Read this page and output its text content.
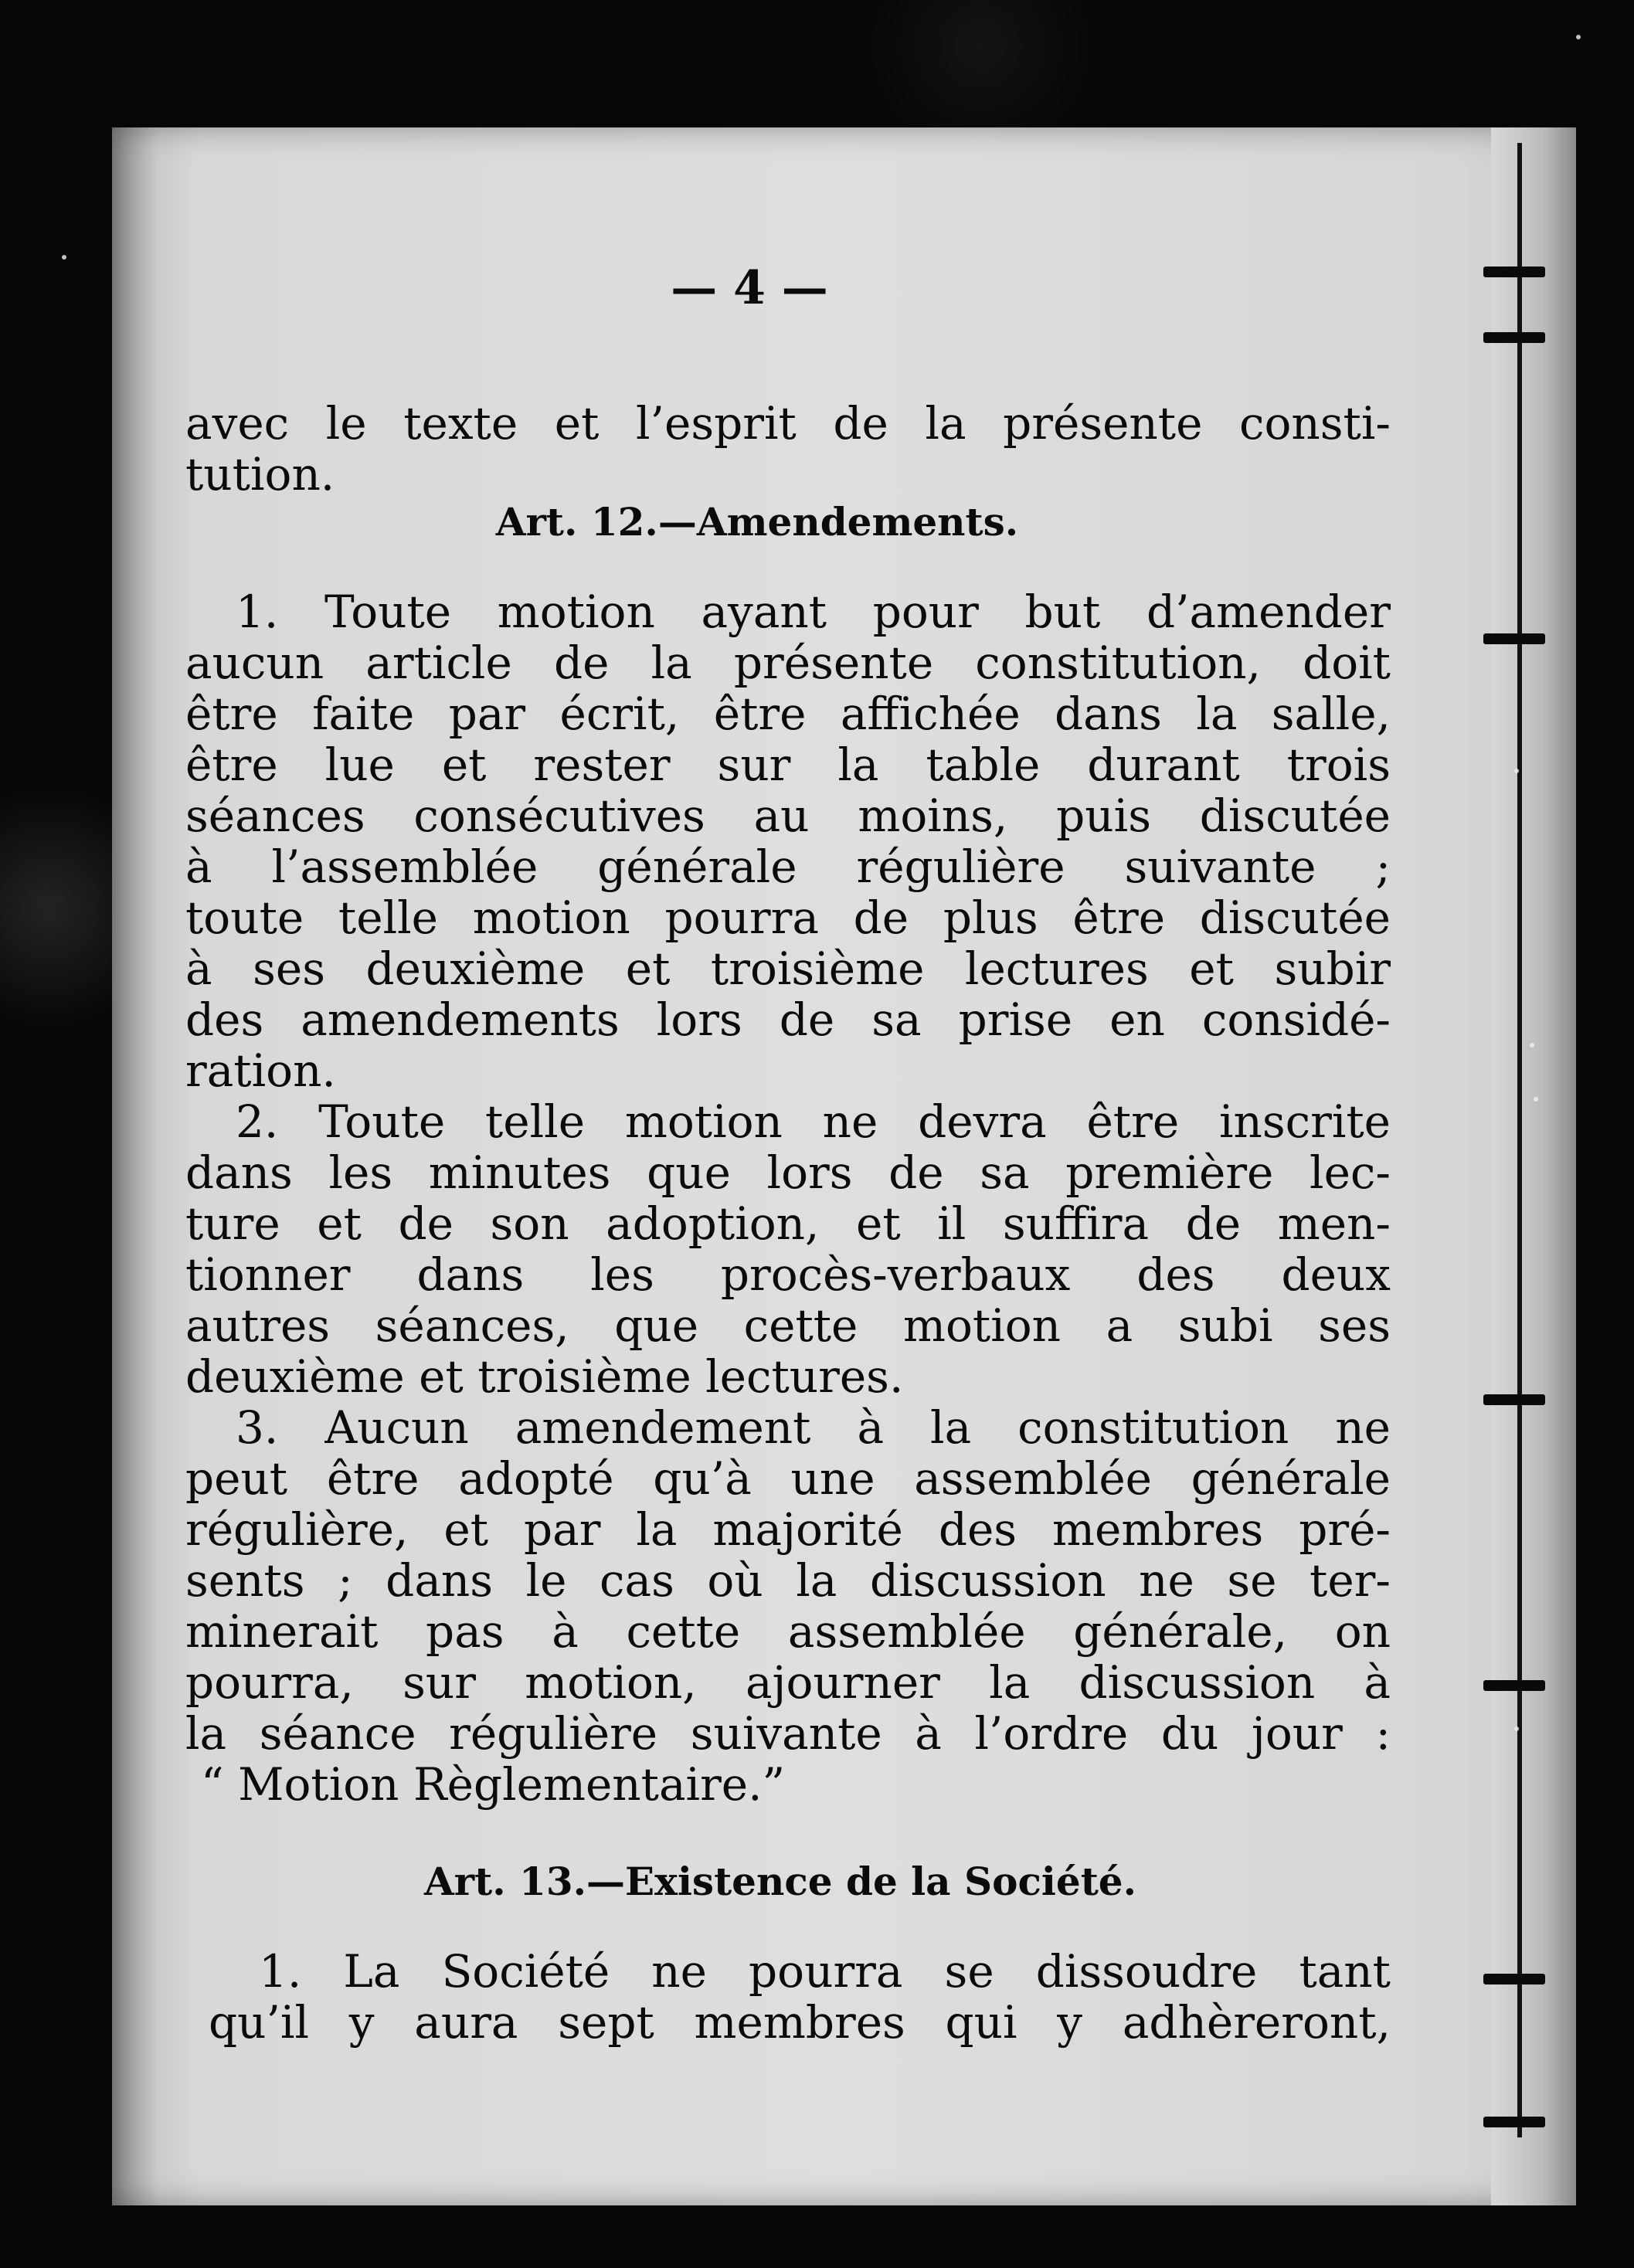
— 4 —
avec le texte et l’esprit de la présente consti-
tution.
Art. 12.—Amendements.
1. Toute motion ayant pour but d’amender
aucun article de la présente constitution, doit
être faite par écrit, être affichée dans la salle,
être lue et rester sur la table durant trois
séances consécutives au moins, puis discutée
à l’assemblée générale régulière suivante ;
toute telle motion pourra de plus être discutée
à ses deuxième et troisième lectures et subir
des amendements lors de sa prise en considé-
ration.
2. Toute telle motion ne devra être inscrite
dans les minutes que lors de sa première lec-
ture et de son adoption, et il suffira de men-
tionner dans les procès-verbaux des deux
autres séances, que cette motion a subi ses
deuxième et troisième lectures.
3. Aucun amendement à la constitution ne
peut être adopté qu’à une assemblée générale
régulière, et par la majorité des membres pré-
sents ; dans le cas où la discussion ne se ter-
minerait pas à cette assemblée générale, on
pourra, sur motion, ajourner la discussion à
la séance régulière suivante à l’ordre du jour :
“ Motion Règlementaire.”
Art. 13.—Existence de la Société.
1. La Société ne pourra se dissoudre tant
qu’il y aura sept membres qui y adhèreront,
